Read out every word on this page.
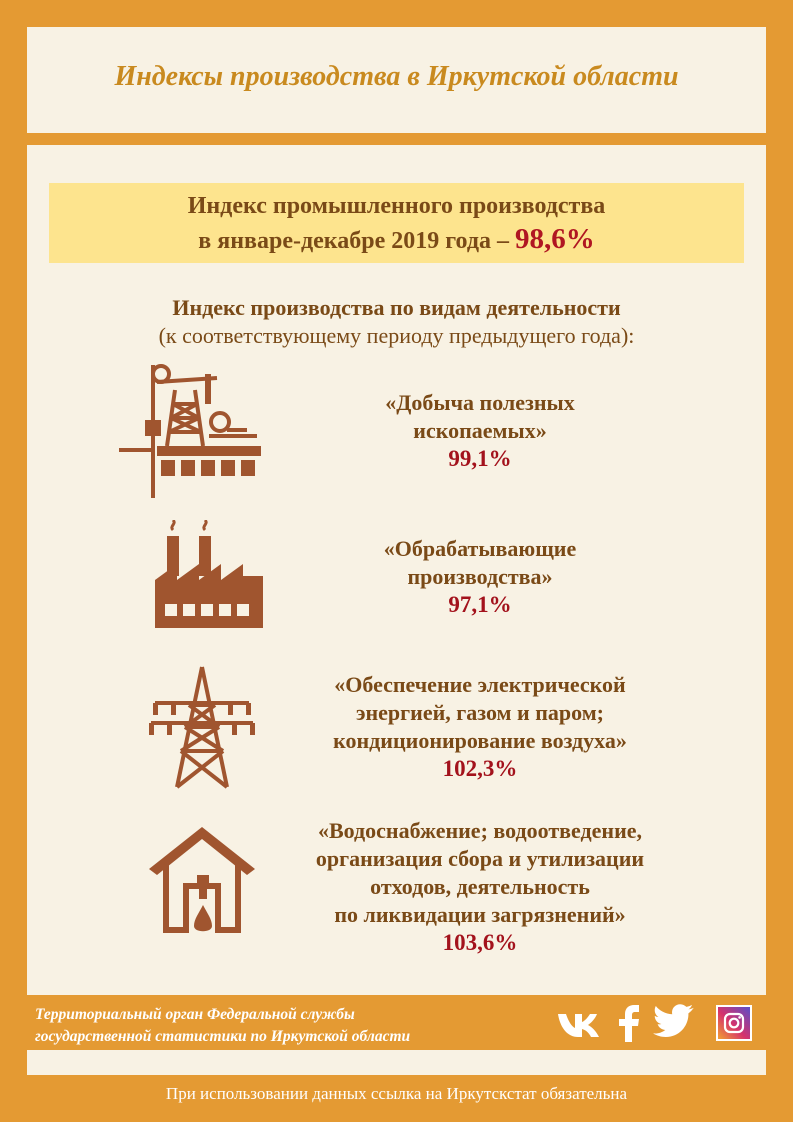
Индексы производства в Иркутской области
Индекс промышленного производства
в январе-декабре 2019 года – 98,6%
Индекс производства по видам деятельности
(к соответствующему периоду предыдущего года):
«Добыча полезных
ископаемых»
99,1%
«Обрабатывающие
производства»
97,1%
«Обеспечение электрической
энергией, газом и паром;
кондиционирование воздуха»
102,3%
«Водоснабжение; водоотведение,
организация сбора и утилизации
отходов, деятельность
по ликвидации загрязнений»
103,6%
Территориальный орган Федеральной службы
государственной статистики по Иркутской области
При использовании данных ссылка на Иркутскстат обязательна
